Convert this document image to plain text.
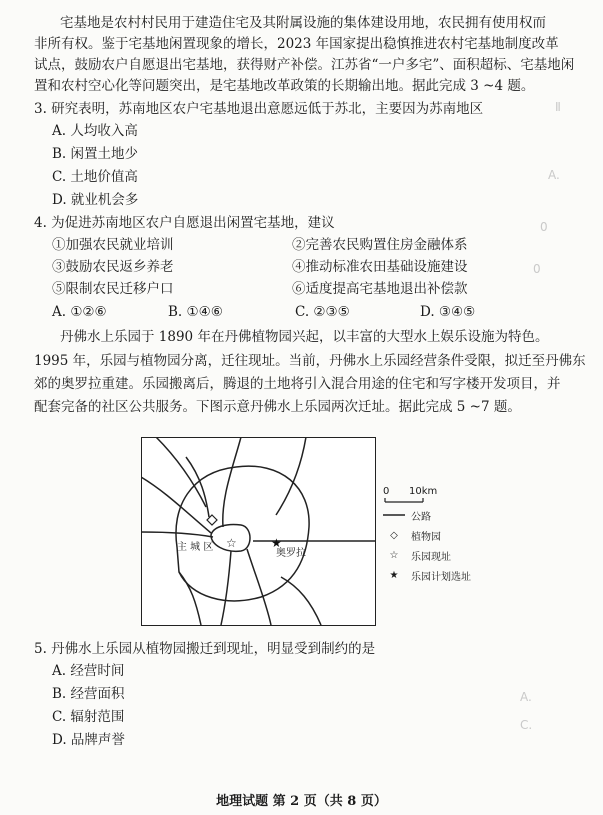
Ⅱ
A.
0
0
A.
C.
宅基地是农村村民用于建造住宅及其附属设施的集体建设用地，农民拥有使用权而
非所有权。鉴于宅基地闲置现象的增长，2023 年国家提出稳慎推进农村宅基地制度改革
试点，鼓励农户自愿退出宅基地，获得财产补偿。江苏省“一户多宅”、面积超标、宅基地闲
置和农村空心化等问题突出，是宅基地改革政策的长期输出地。据此完成 3 ~4 题。
3. 研究表明，苏南地区农户宅基地退出意愿远低于苏北，主要因为苏南地区
A. 人均收入高
B. 闲置土地少
C. 土地价值高
D. 就业机会多
4. 为促进苏南地区农户自愿退出闲置宅基地，建议
①加强农民就业培训	②完善农民购置住房金融体系
③鼓励农民返乡养老	④推动标准农田基础设施建设
⑤限制农民迁移户口	⑥适度提高宅基地退出补偿款
A. ①②⑥	B. ①④⑥	C. ②③⑤	D. ③④⑤
丹佛水上乐园于 1890 年在丹佛植物园兴起，以丰富的大型水上娱乐设施为特色。
1995 年，乐园与植物园分离，迁往现址。当前，丹佛水上乐园经营条件受限，拟迁至丹佛东
郊的奥罗拉重建。乐园搬离后，腾退的土地将引入混合用途的住宅和写字楼开发项目，并
配套完备的社区公共服务。下图示意丹佛水上乐园两次迁址。据此完成 5 ~7 题。
☆	★
主 城 区
奥罗拉
0 10km
公路
◇	植物园
☆	乐园现址
★	乐园计划选址
5. 丹佛水上乐园从植物园搬迁到现址，明显受到制约的是
A. 经营时间
B. 经营面积
C. 辐射范围
D. 品牌声誉
地理试题 第 2 页（共 8 页）
